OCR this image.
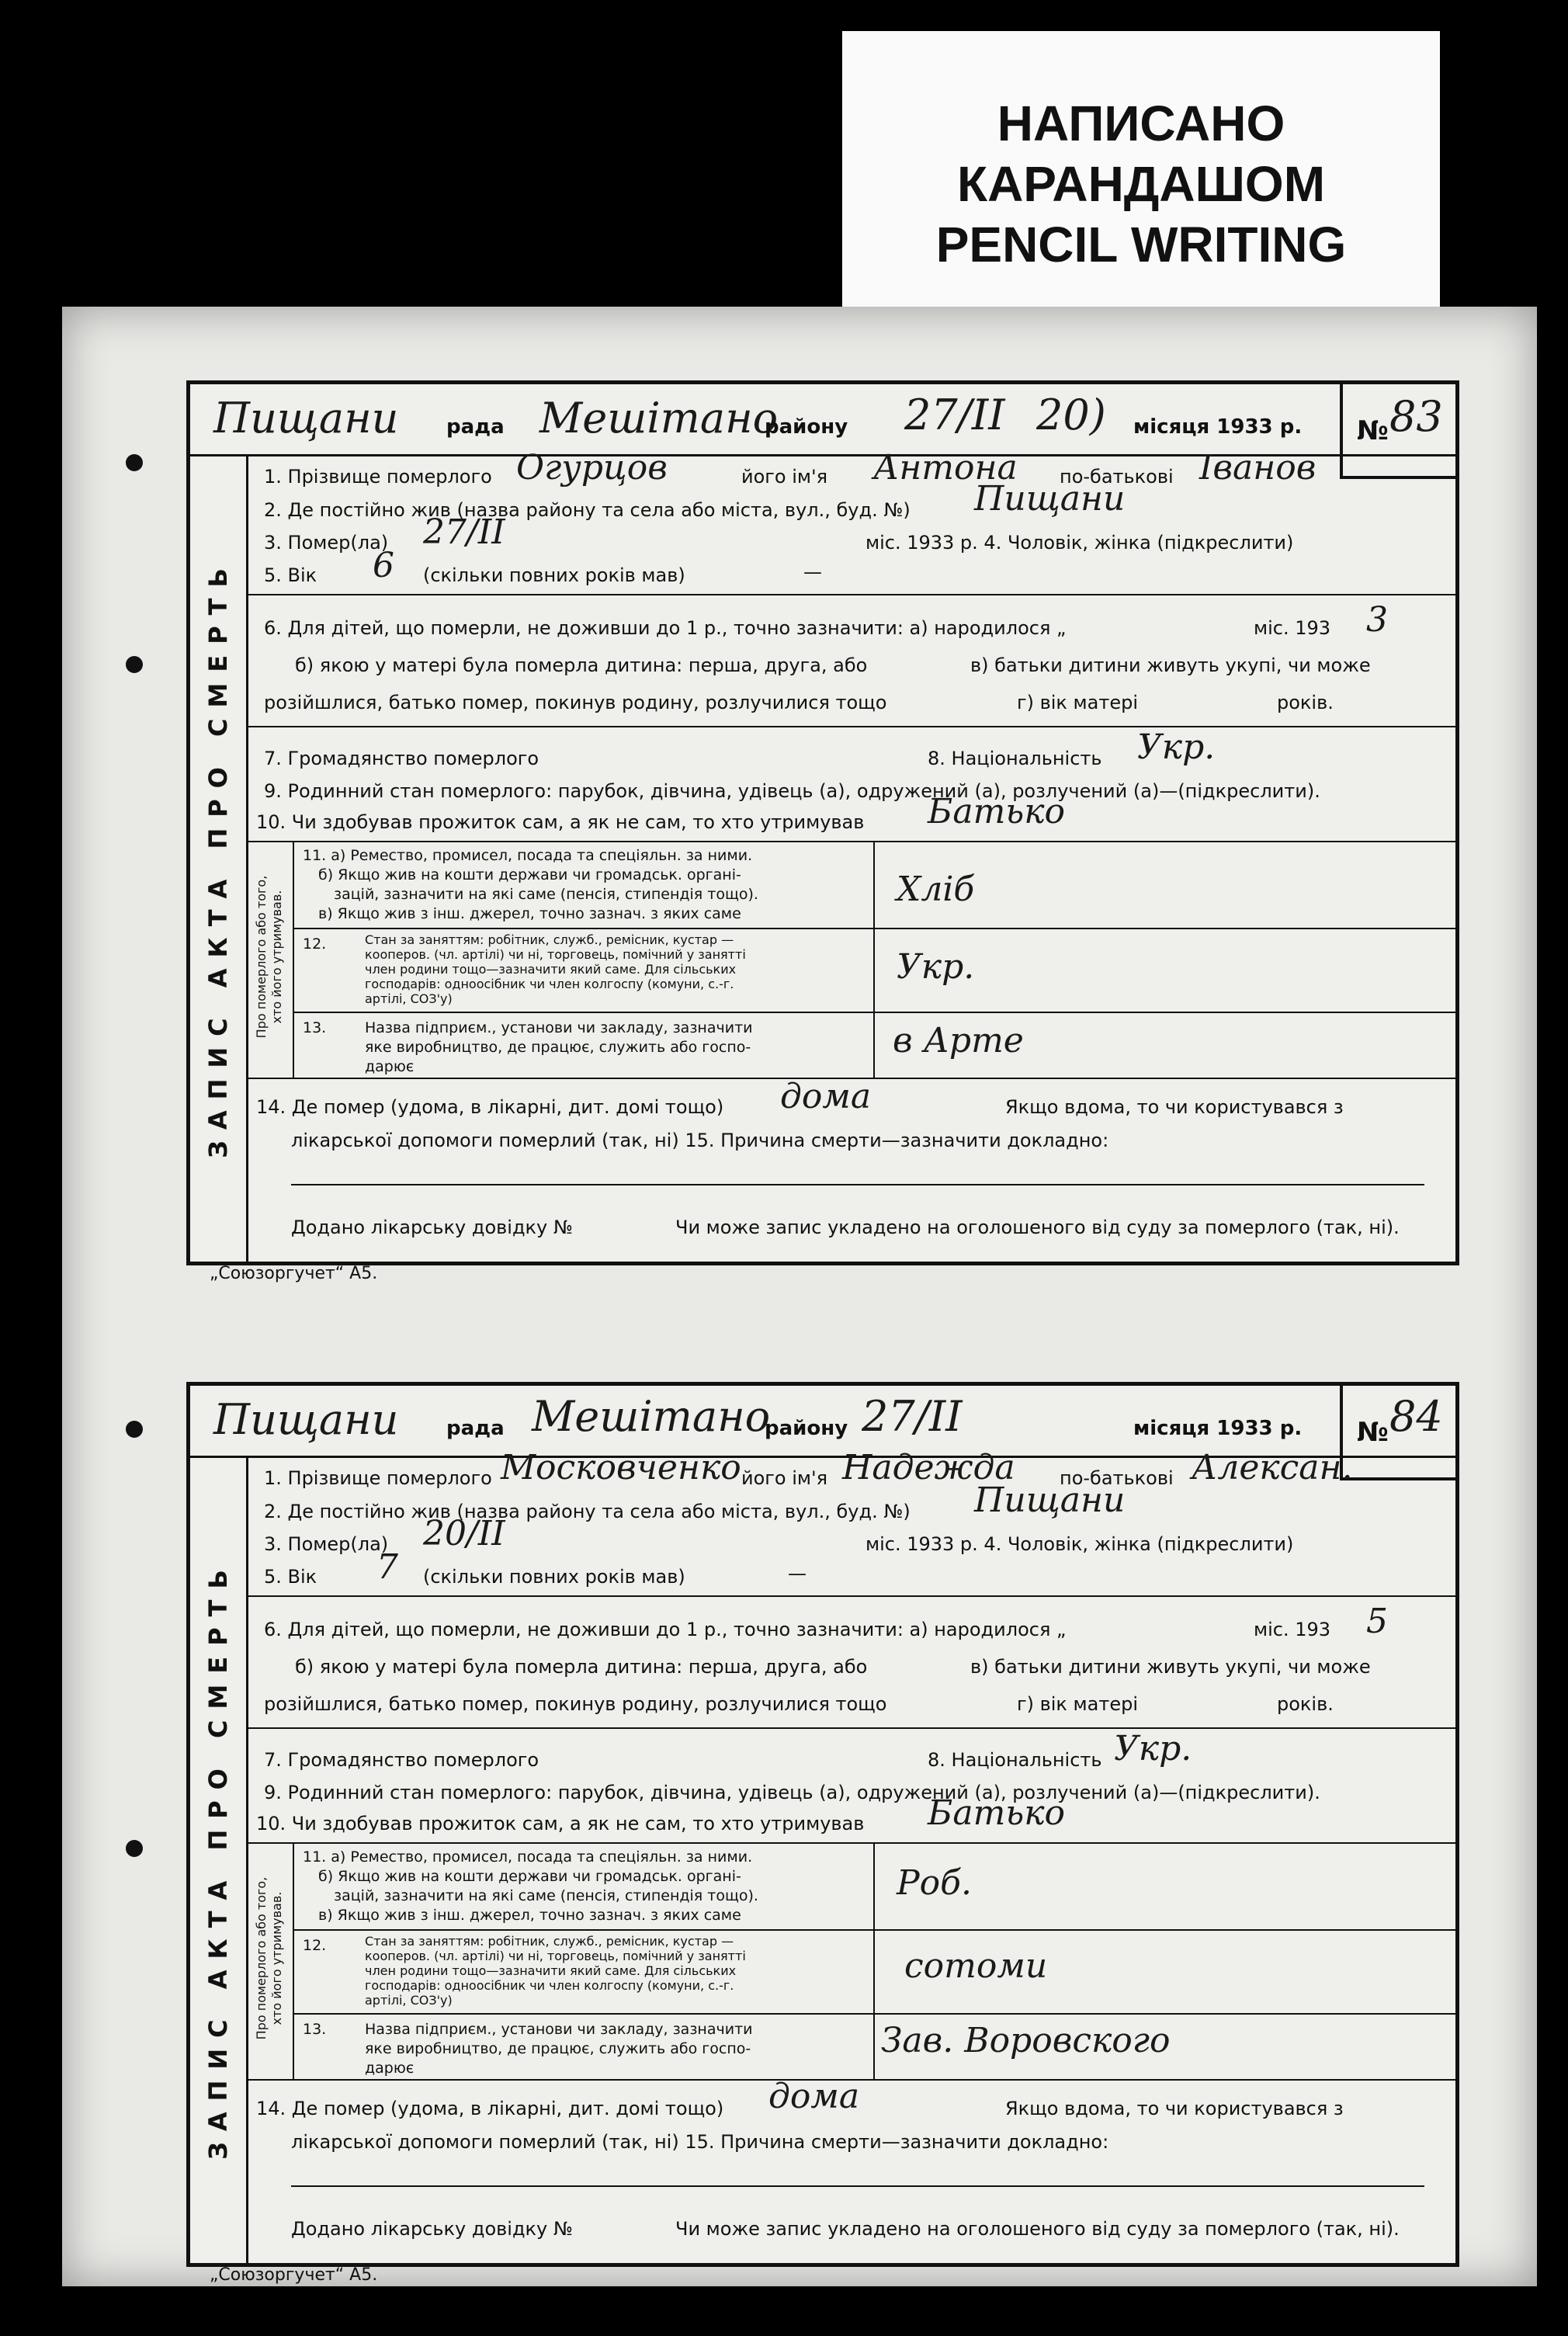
НАПИСАНО
КАРАНДАШОМ
PENCIL WRITING
Пищани рада Мешітано
району 27/II 20) місяця 1933 р. № 83
ЗАПИС АКТА ПРО СМЕРТЬ
1. Прізвище померлого Огурцов	його ім'я Антона по-батькові Іванов
2. Де постійно жив (назва району та села або міста, вул., буд. №) Пищани
3. Помер(ла) 27/II	міс. 1933 р. 4. Чоловік, жінка (підкреслити)
5. Вік 6 (скільки повних років мав)	—
6. Для дітей, що померли, не доживши до 1 р., точно зазначити: а) народилося „	міс. 193 3
б) якою у матері була померла дитина: перша, друга, або	в) батьки дитини живуть укупі, чи може
розійшлися, батько помер, покинув родину, розлучилися тощо	г) вік матері	років.
7. Громадянство померлого	8. Національність Укр.
9. Родинний стан померлого: парубок, дівчина, удівець (а), одружений (а), розлучений (а)—(підкреслити).
10. Чи здобував прожиток сам, а як не сам, то хто утримував Батько
Про померлого або того,
хто його утримував.
11. а) Ремество, промисел, посада та спеціяльн. за ними.
б) Якщо жив на кошти держави чи громадськ. органі-
зацій, зазначити на які саме (пенсія, стипендія тощо).
в) Якщо жив з інш. джерел, точно зазнач. з яких саме
Хліб
12.	Стан за заняттям: робітник, служб., ремісник, кустар —
кооперов. (чл. артілі) чи ні, торговець, помічний у занятті
член родини тощо—зазначити який саме. Для сільських
господарів: одноосібник чи член колгоспу (комуни, с.-г.
артілі, СОЗ'у)
Укр.
13.	Назва підприєм., установи чи закладу, зазначити
яке виробництво, де працює, служить або госпо-
дарює
в Арте
14. Де помер (удома, в лікарні, дит. домі тощо) дома	Якщо вдома, то чи користувався з
лікарської допомоги померлий (так, ні) 15. Причина смерти—зазначити докладно:
Додано лікарську довідку №	Чи може запис укладено на оголошеного від суду за померлого (так, ні).
„Союзоргучет“ А5.
Пищани рада Мешітано
району 27/II	місяця 1933 р. № 84
ЗАПИС АКТА ПРО СМЕРТЬ
1. Прізвище померлого Московченко його ім'я Надежда по-батькові Алексан.
2. Де постійно жив (назва району та села або міста, вул., буд. №) Пищани
3. Помер(ла) 20/II	міс. 1933 р. 4. Чоловік, жінка (підкреслити)
5. Вік 7 (скільки повних років мав)	—
6. Для дітей, що померли, не доживши до 1 р., точно зазначити: а) народилося „	міс. 193 5
б) якою у матері була померла дитина: перша, друга, або	в) батьки дитини живуть укупі, чи може
розійшлися, батько помер, покинув родину, розлучилися тощо	г) вік матері	років.
7. Громадянство померлого	8. Національність Укр.
9. Родинний стан померлого: парубок, дівчина, удівець (а), одружений (а), розлучений (а)—(підкреслити).
10. Чи здобував прожиток сам, а як не сам, то хто утримував Батько
Про померлого або того,
хто його утримував.
11. а) Ремество, промисел, посада та спеціяльн. за ними.
б) Якщо жив на кошти держави чи громадськ. органі-
зацій, зазначити на які саме (пенсія, стипендія тощо).
в) Якщо жив з інш. джерел, точно зазнач. з яких саме
Роб.
12.	Стан за заняттям: робітник, служб., ремісник, кустар —
кооперов. (чл. артілі) чи ні, торговець, помічний у занятті
член родини тощо—зазначити який саме. Для сільських
господарів: одноосібник чи член колгоспу (комуни, с.-г.
артілі, СОЗ'у)
сотоми
13.	Назва підприєм., установи чи закладу, зазначити
яке виробництво, де працює, служить або госпо-
дарює
Зав. Воровского
14. Де помер (удома, в лікарні, дит. домі тощо) дома	Якщо вдома, то чи користувався з
лікарської допомоги померлий (так, ні) 15. Причина смерти—зазначити докладно:
Додано лікарську довідку №	Чи може запис укладено на оголошеного від суду за померлого (так, ні).
„Союзоргучет“ А5.
